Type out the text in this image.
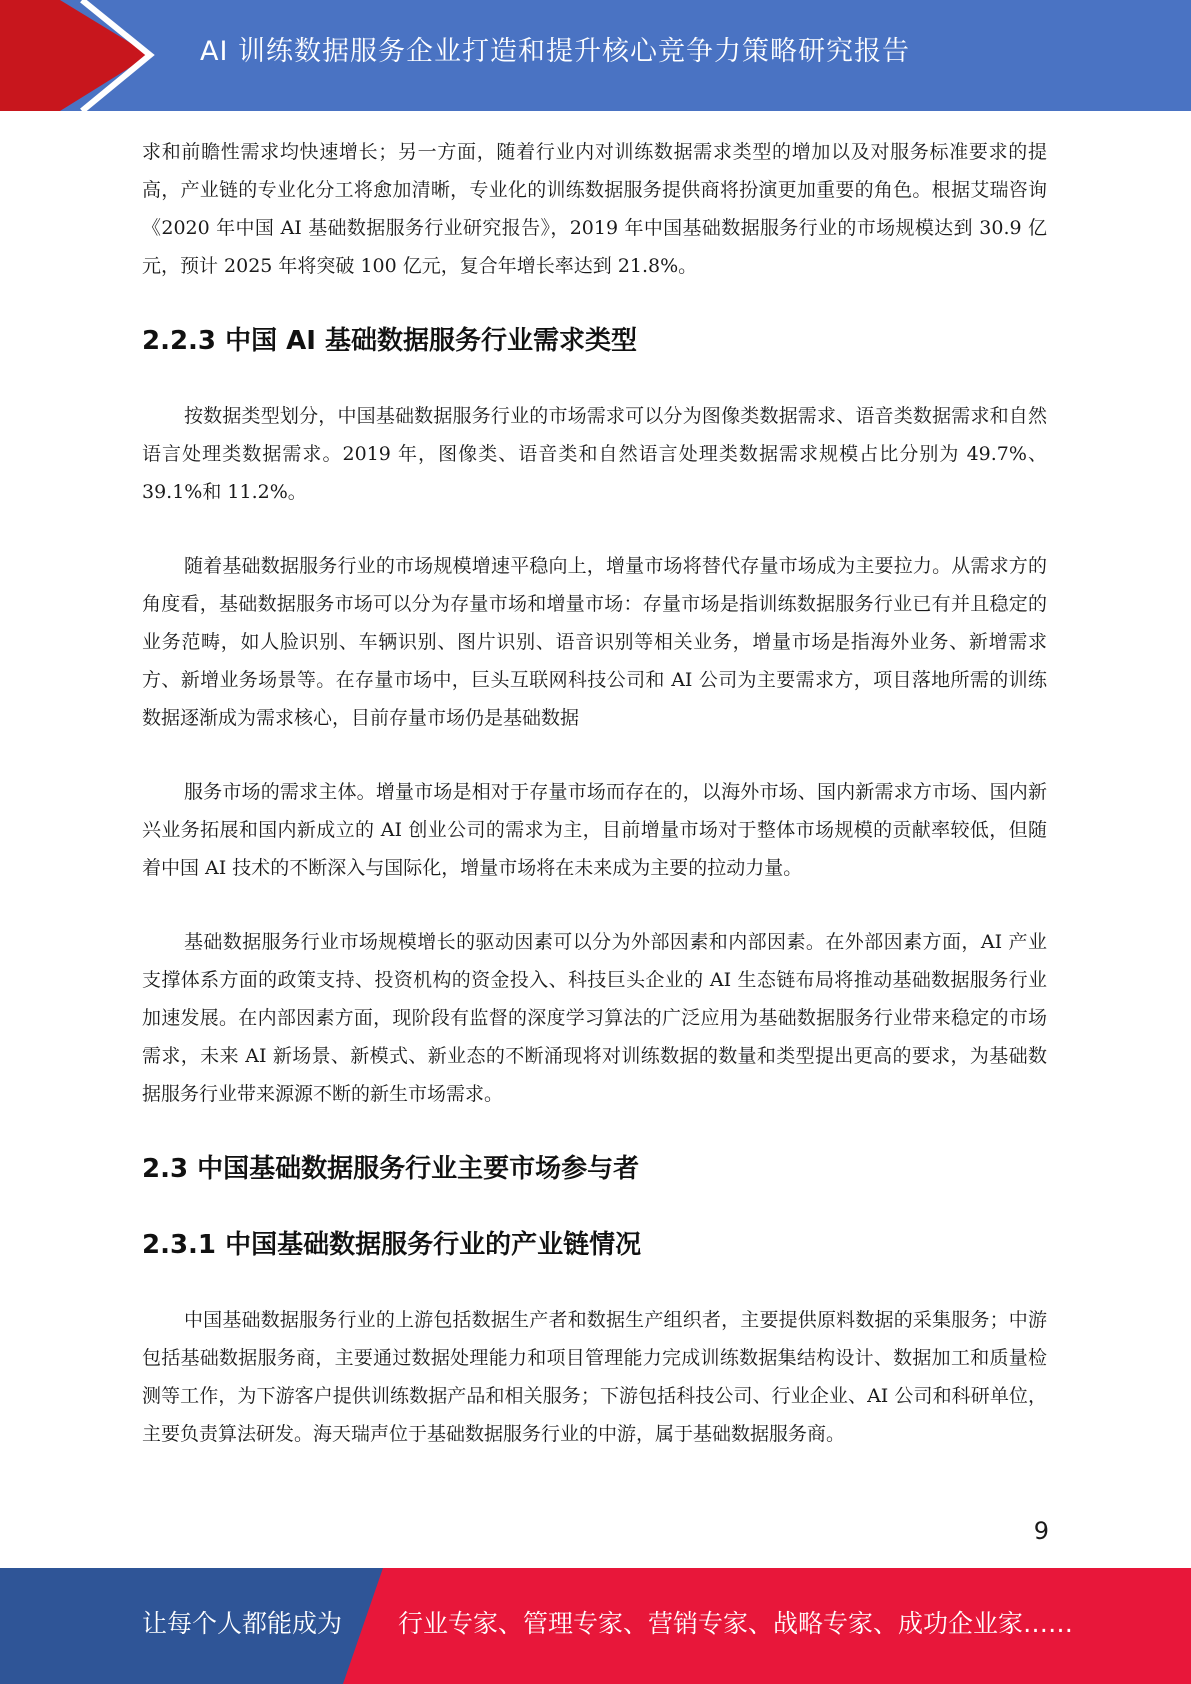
AI 训练数据服务企业打造和提升核心竞争力策略研究报告

求和前瞻性需求均快速增长；另一方面，随着行业内对训练数据需求类型的增加以及对服务标准要求的提高，产业链的专业化分工将愈加清晰，专业化的训练数据服务提供商将扮演更加重要的角色。根据艾瑞咨询《2020 年中国 AI 基础数据服务行业研究报告》，2019 年中国基础数据服务行业的市场规模达到 30.9 亿元，预计 2025 年将突破 100 亿元，复合年增长率达到 21.8%。

2.2.3 中国 AI 基础数据服务行业需求类型

按数据类型划分，中国基础数据服务行业的市场需求可以分为图像类数据需求、语音类数据需求和自然语言处理类数据需求。2019 年，图像类、语音类和自然语言处理类数据需求规模占比分别为 49.7%、39.1%和 11.2%。

随着基础数据服务行业的市场规模增速平稳向上，增量市场将替代存量市场成为主要拉力。从需求方的角度看，基础数据服务市场可以分为存量市场和增量市场：存量市场是指训练数据服务行业已有并且稳定的业务范畴，如人脸识别、车辆识别、图片识别、语音识别等相关业务，增量市场是指海外业务、新增需求方、新增业务场景等。在存量市场中，巨头互联网科技公司和 AI 公司为主要需求方，项目落地所需的训练数据逐渐成为需求核心，目前存量市场仍是基础数据

服务市场的需求主体。增量市场是相对于存量市场而存在的，以海外市场、国内新需求方市场、国内新兴业务拓展和国内新成立的 AI 创业公司的需求为主，目前增量市场对于整体市场规模的贡献率较低，但随着中国 AI 技术的不断深入与国际化，增量市场将在未来成为主要的拉动力量。

基础数据服务行业市场规模增长的驱动因素可以分为外部因素和内部因素。在外部因素方面，AI 产业支撑体系方面的政策支持、投资机构的资金投入、科技巨头企业的 AI 生态链布局将推动基础数据服务行业加速发展。在内部因素方面，现阶段有监督的深度学习算法的广泛应用为基础数据服务行业带来稳定的市场需求，未来 AI 新场景、新模式、新业态的不断涌现将对训练数据的数量和类型提出更高的要求，为基础数据服务行业带来源源不断的新生市场需求。

2.3 中国基础数据服务行业主要市场参与者
2.3.1 中国基础数据服务行业的产业链情况

中国基础数据服务行业的上游包括数据生产者和数据生产组织者，主要提供原料数据的采集服务；中游包括基础数据服务商，主要通过数据处理能力和项目管理能力完成训练数据集结构设计、数据加工和质量检测等工作，为下游客户提供训练数据产品和相关服务；下游包括科技公司、行业企业、AI 公司和科研单位，主要负责算法研发。海天瑞声位于基础数据服务行业的中游，属于基础数据服务商。

9
让每个人都能成为 行业专家、管理专家、营销专家、战略专家、成功企业家……
